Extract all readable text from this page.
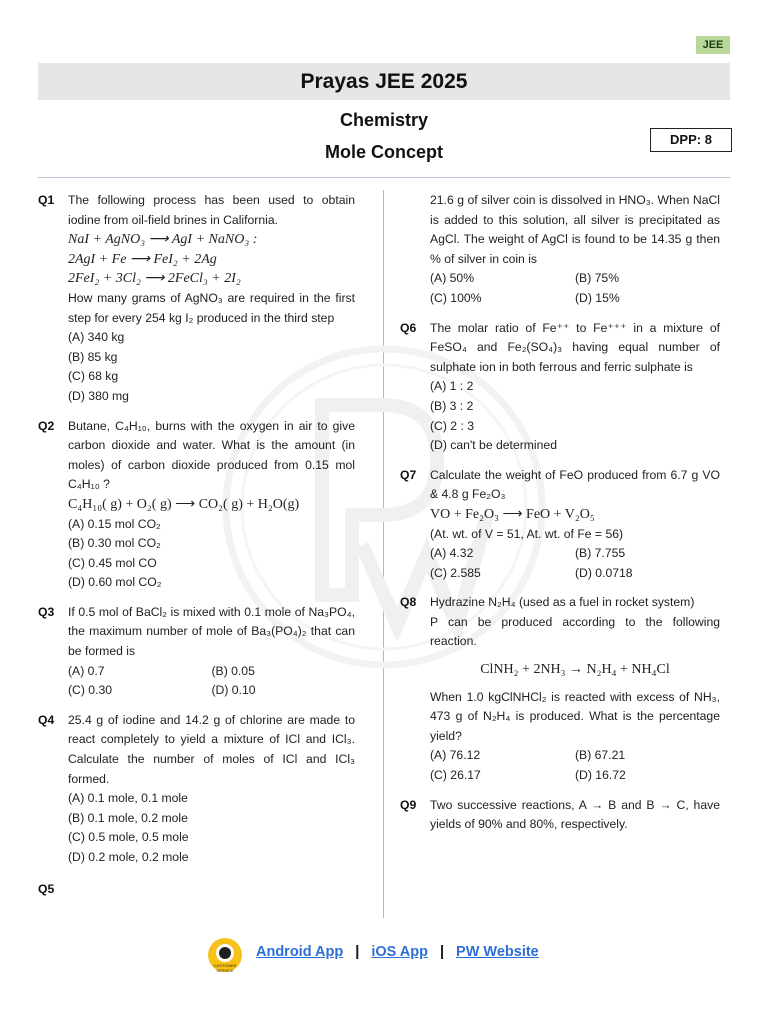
JEE
Prayas JEE 2025
Chemistry
Mole Concept
DPP: 8
Q1 The following process has been used to obtain iodine from oil-field brines in California.
NaI + AgNO₃ ⟶ AgI + NaNO₃ :
2AgI + Fe ⟶ FeI₂ + 2Ag
2FeI₂ + 3Cl₂ ⟶ 2FeCl₃ + 2I₂
How many grams of AgNO₃ are required in the first step for every 254 kg I₂ produced in the third step
(A) 340 kg
(B) 85 kg
(C) 68 kg
(D) 380 mg
Q2 Butane, C₄H₁₀, burns with the oxygen in air to give carbon dioxide and water. What is the amount (in moles) of carbon dioxide produced from 0.15 mol C₄H₁₀ ?
C₄H₁₀( g) + O₂( g) ⟶ CO₂( g) + H₂O(g)
(A) 0.15 mol CO₂
(B) 0.30 mol CO₂
(C) 0.45 mol CO
(D) 0.60 mol CO₂
Q3 If 0.5 mol of BaCl₂ is mixed with 0.1 mole of Na₃PO₄, the maximum number of mole of Ba₃(PO₄)₂ that can be formed is
(A) 0.7	(B) 0.05
(C) 0.30	(D) 0.10
Q4 25.4 g of iodine and 14.2 g of chlorine are made to react completely to yield a mixture of ICl and ICl₃. Calculate the number of moles of ICl and ICl₃ formed.
(A) 0.1 mole, 0.1 mole
(B) 0.1 mole, 0.2 mole
(C) 0.5 mole, 0.5 mole
(D) 0.2 mole, 0.2 mole
Q5

21.6 g of silver coin is dissolved in HNO₃. When NaCl is added to this solution, all silver is precipitated as AgCl. The weight of AgCl is found to be 14.35 g then % of silver in coin is
(A) 50%	(B) 75%
(C) 100%	(D) 15%
Q6 The molar ratio of Fe⁺⁺ to Fe⁺⁺⁺ in a mixture of FeSO₄ and Fe₂(SO₄)₃ having equal number of sulphate ion in both ferrous and ferric sulphate is
(A) 1 : 2
(B) 3 : 2
(C) 2 : 3
(D) can't be determined
Q7 Calculate the weight of FeO produced from 6.7 g VO & 4.8 g Fe₂O₃
VO + Fe₂O₃ ⟶ FeO + V₂O₅
(At. wt. of V = 51, At. wt. of Fe = 56)
(A) 4.32	(B) 7.755
(C) 2.585	(D) 0.0718
Q8 Hydrazine N₂H₄ (used as a fuel in rocket system)
P can be produced according to the following reaction.
ClNH₂ + 2NH₃ → N₂H₄ + NH₄Cl
When 1.0 kgClNHCl₂ is reacted with excess of NH₃, 473 g of N₂H₄ is produced. What is the percentage yield?
(A) 76.12	(B) 67.21
(C) 26.17	(D) 16.72
Q9 Two successive reactions, A → B and B → C, have yields of 90% and 80%, respectively.
CUSTOMER SERVICE
Android App | iOS App | PW Website
